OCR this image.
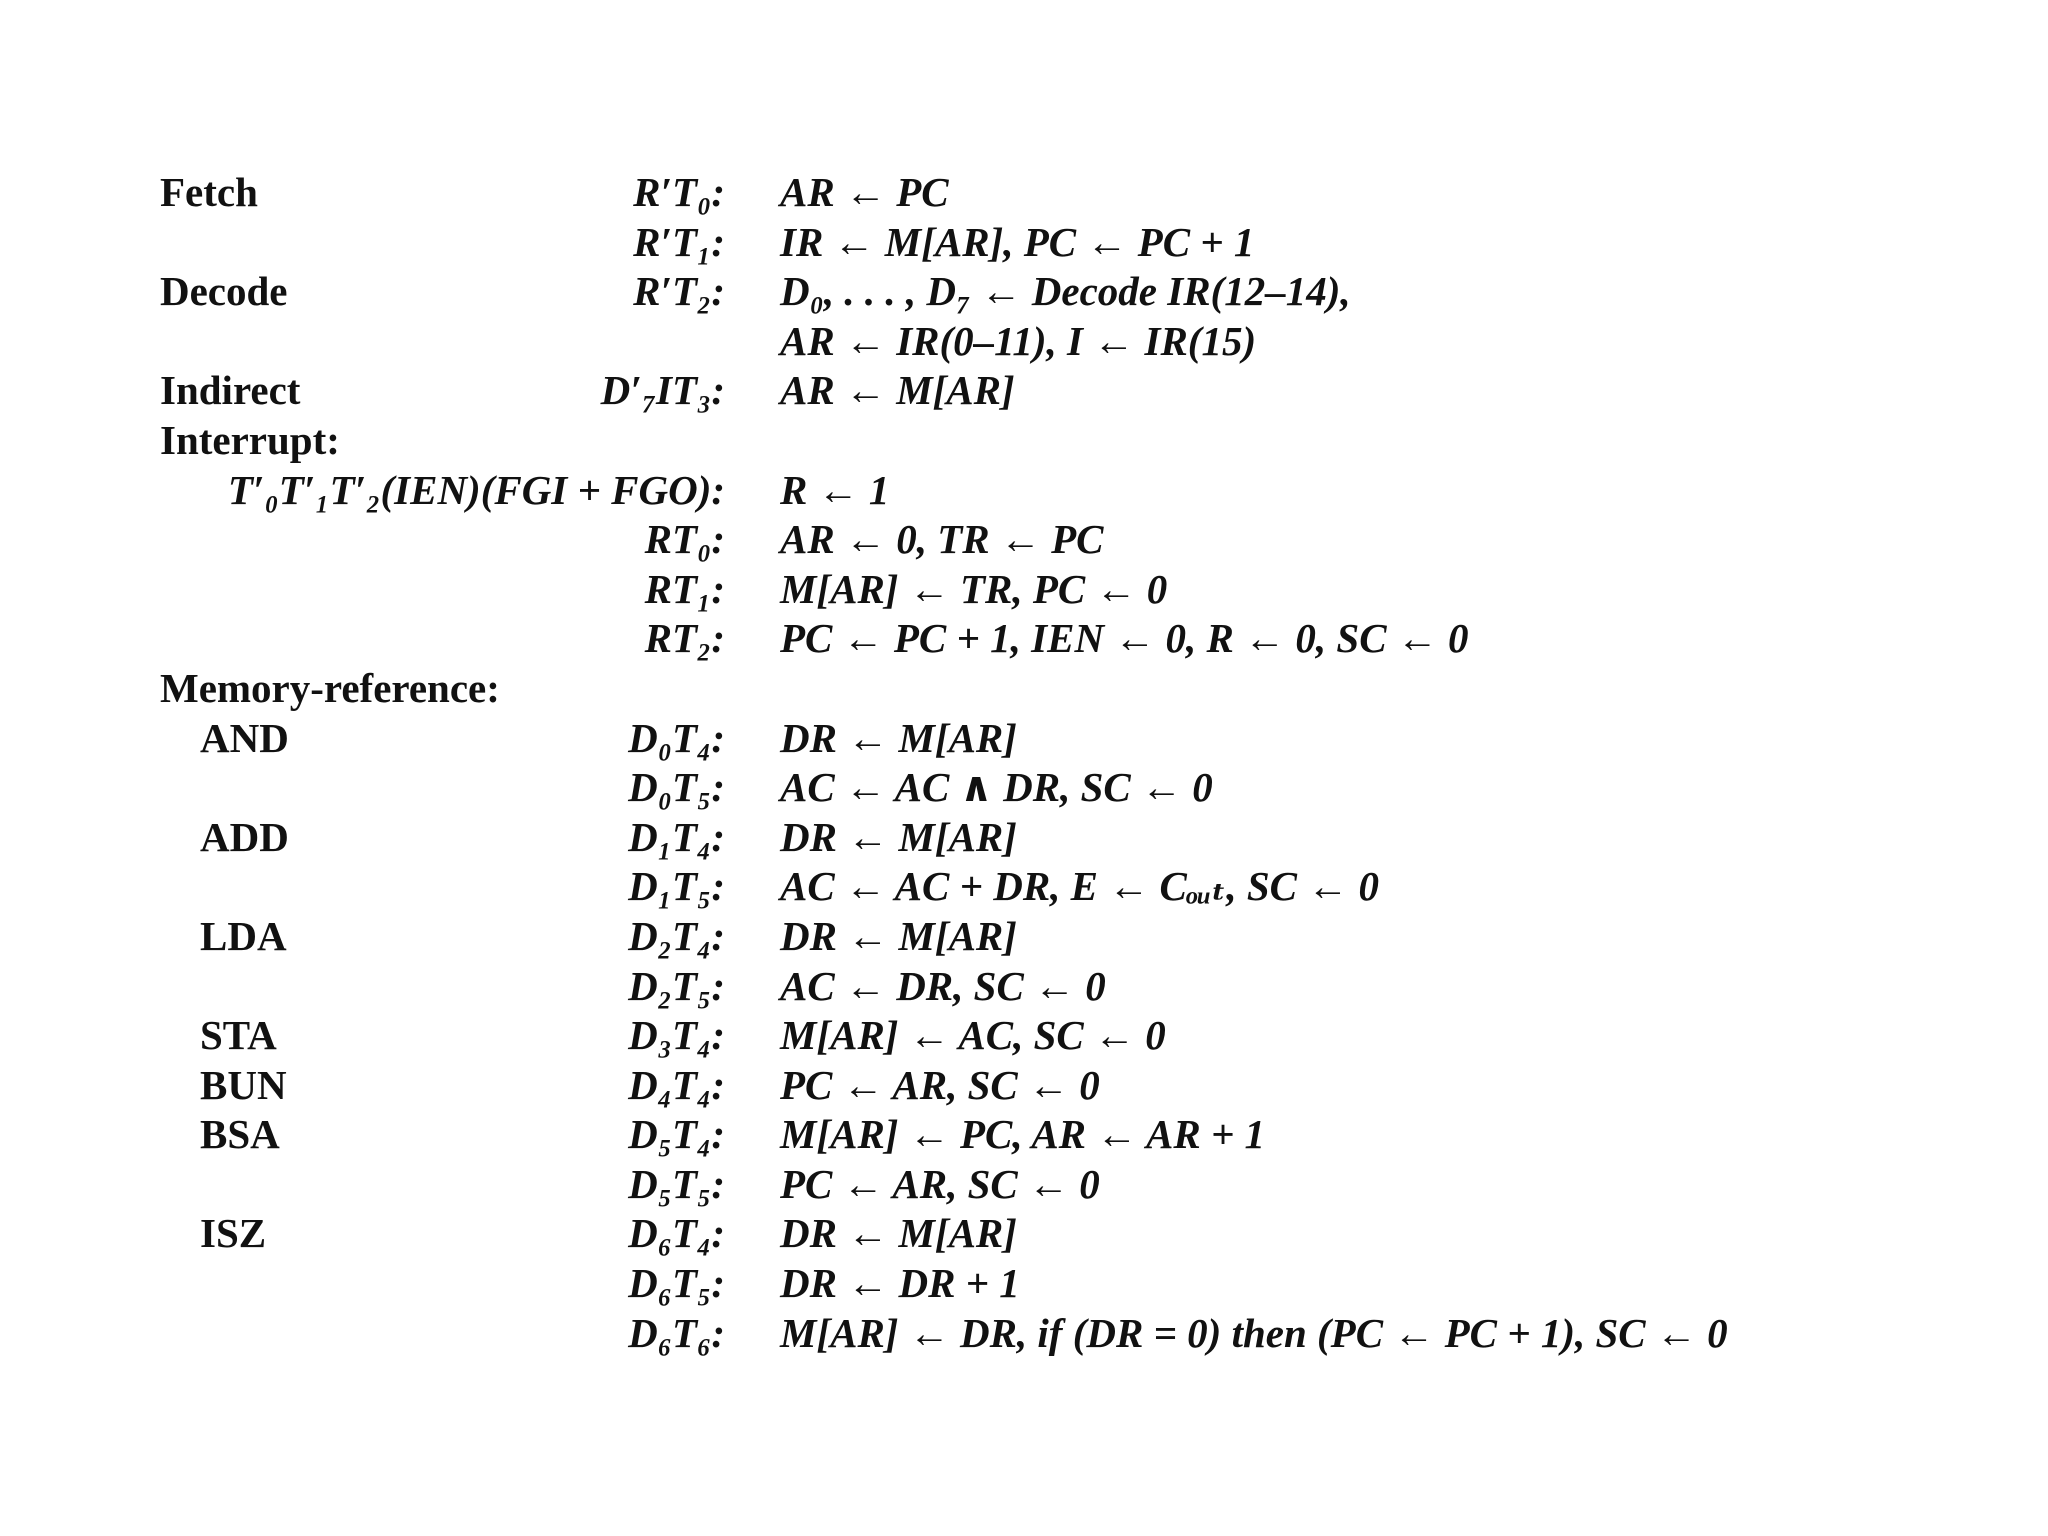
Fetch	R′T₀: AR ← PC
R′T₁: IR ← M[AR], PC ← PC + 1
Decode	R′T₂: D₀, . . . , D₇ ← Decode IR(12–14),
AR ← IR(0–11), I ← IR(15)
Indirect	D′₇IT₃: AR ← M[AR]
Interrupt:
T′₀T′₁T′₂(IEN)(FGI + FGO): R ← 1
RT₀: AR ← 0, TR ← PC
RT₁: M[AR] ← TR, PC ← 0
RT₂: PC ← PC + 1, IEN ← 0, R ← 0, SC ← 0
Memory-reference:
AND	D₀T₄: DR ← M[AR]
D₀T₅: AC ← AC ∧ DR, SC ← 0
ADD	D₁T₄: DR ← M[AR]
D₁T₅: AC ← AC + DR, E ← Cₒᵤₜ, SC ← 0
LDA	D₂T₄: DR ← M[AR]
D₂T₅: AC ← DR, SC ← 0
STA	D₃T₄: M[AR] ← AC, SC ← 0
BUN	D₄T₄: PC ← AR, SC ← 0
BSA	D₅T₄: M[AR] ← PC, AR ← AR + 1
D₅T₅: PC ← AR, SC ← 0
ISZ	D₆T₄: DR ← M[AR]
D₆T₅: DR ← DR + 1
D₆T₆: M[AR] ← DR, if (DR = 0) then (PC ← PC + 1), SC ← 0
